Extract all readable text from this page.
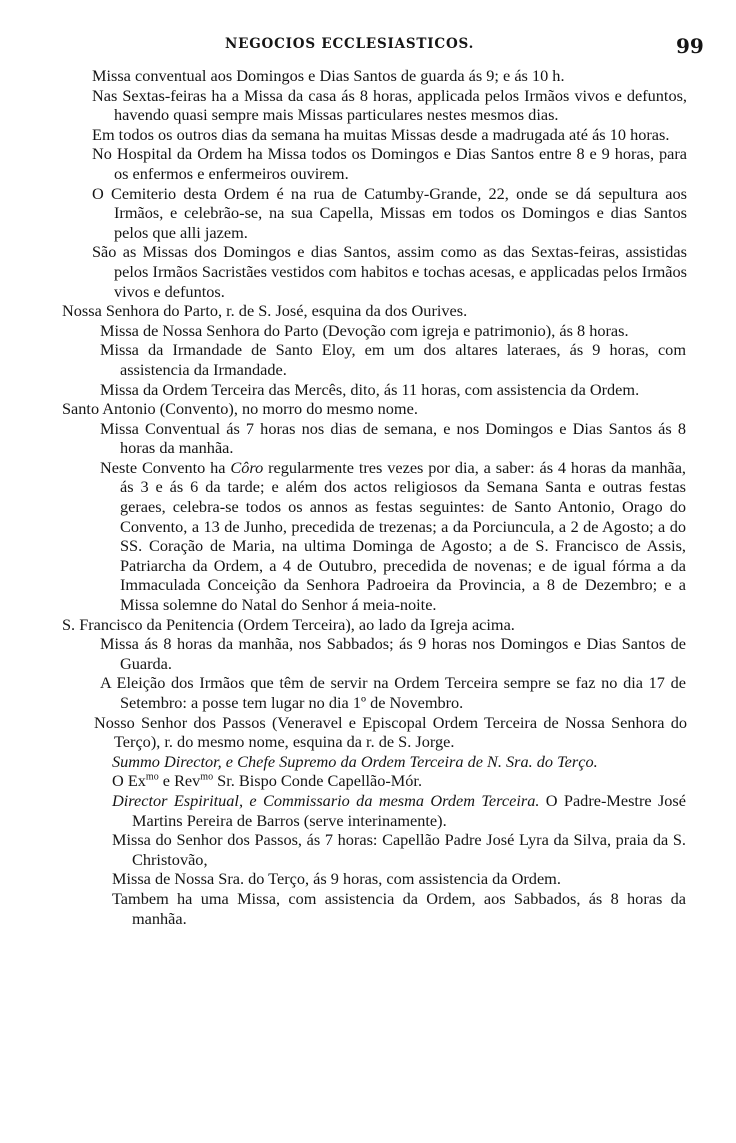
NEGOCIOS ECCLESIASTICOS.	99

Missa conventual aos Domingos e Dias Santos de guarda ás 9; e ás 10 h.

Nas Sextas-feiras ha a Missa da casa ás 8 horas, applicada pelos Irmãos vivos e defuntos, havendo quasi sempre mais Missas particulares nestes mesmos dias.

Em todos os outros dias da semana ha muitas Missas desde a madrugada até ás 10 horas.

No Hospital da Ordem ha Missa todos os Domingos e Dias Santos entre 8 e 9 horas, para os enfermos e enfermeiros ouvirem.

O Cemiterio desta Ordem é na rua de Catumby-Grande, 22, onde se dá sepultura aos Irmãos, e celebrão-se, na sua Capella, Missas em todos os Domingos e dias Santos pelos que alli jazem.

São as Missas dos Domingos e dias Santos, assim como as das Sextas-feiras, assistidas pelos Irmãos Sacristães vestidos com habitos e tochas acesas, e applicadas pelos Irmãos vivos e defuntos.

Nossa Senhora do Parto, r. de S. José, esquina da dos Ourives.

Missa de Nossa Senhora do Parto (Devoção com igreja e patrimonio), ás 8 horas.

Missa da Irmandade de Santo Eloy, em um dos altares lateraes, ás 9 horas, com assistencia da Irmandade.

Missa da Ordem Terceira das Mercês, dito, ás 11 horas, com assistencia da Ordem.

Santo Antonio (Convento), no morro do mesmo nome.

Missa Conventual ás 7 horas nos dias de semana, e nos Domingos e Dias Santos ás 8 horas da manhãa.

Neste Convento ha Côro regularmente tres vezes por dia, a saber: ás 4 horas da manhãa, ás 3 e ás 6 da tarde; e além dos actos religiosos da Semana Santa e outras festas geraes, celebra-se todos os annos as festas seguintes: de Santo Antonio, Orago do Convento, a 13 de Junho, precedida de trezenas; a da Porciuncula, a 2 de Agosto; a do SS. Coração de Maria, na ultima Dominga de Agosto; a de S. Francisco de Assis, Patriarcha da Ordem, a 4 de Outubro, precedida de novenas; e de igual fórma a da Immaculada Conceição da Senhora Padroeira da Provincia, a 8 de Dezembro; e a Missa solemne do Natal do Senhor á meia-noite.

S. Francisco da Penitencia (Ordem Terceira), ao lado da Igreja acima.

Missa ás 8 horas da manhãa, nos Sabbados; ás 9 horas nos Domingos e Dias Santos de Guarda.

A Eleição dos Irmãos que têm de servir na Ordem Terceira sempre se faz no dia 17 de Setembro: a posse tem lugar no dia 1º de Novembro.

Nosso Senhor dos Passos (Veneravel e Episcopal Ordem Terceira de Nossa Senhora do Terço), r. do mesmo nome, esquina da r. de S. Jorge.

Summo Director, e Chefe Supremo da Ordem Terceira de N. Sra. do Terço.

O $Ex^{mo}$ e Rev$^{mo}$ Sr. Bispo Conde Capellão-Mór.

Director Espiritual, e Commissario da mesma Ordem Terceira. O Padre-Mestre José Martins Pereira de Barros (serve interinamente).

Missa do Senhor dos Passos, ás 7 horas: Capellão Padre José Lyra da Silva, praia da S. Christovão,

Missa de Nossa Sra. do Terço, ás 9 horas, com assistencia da Ordem.

Tambem ha uma Missa, com assistencia da Ordem, aos Sabbados, ás 8 horas da manhãa.
